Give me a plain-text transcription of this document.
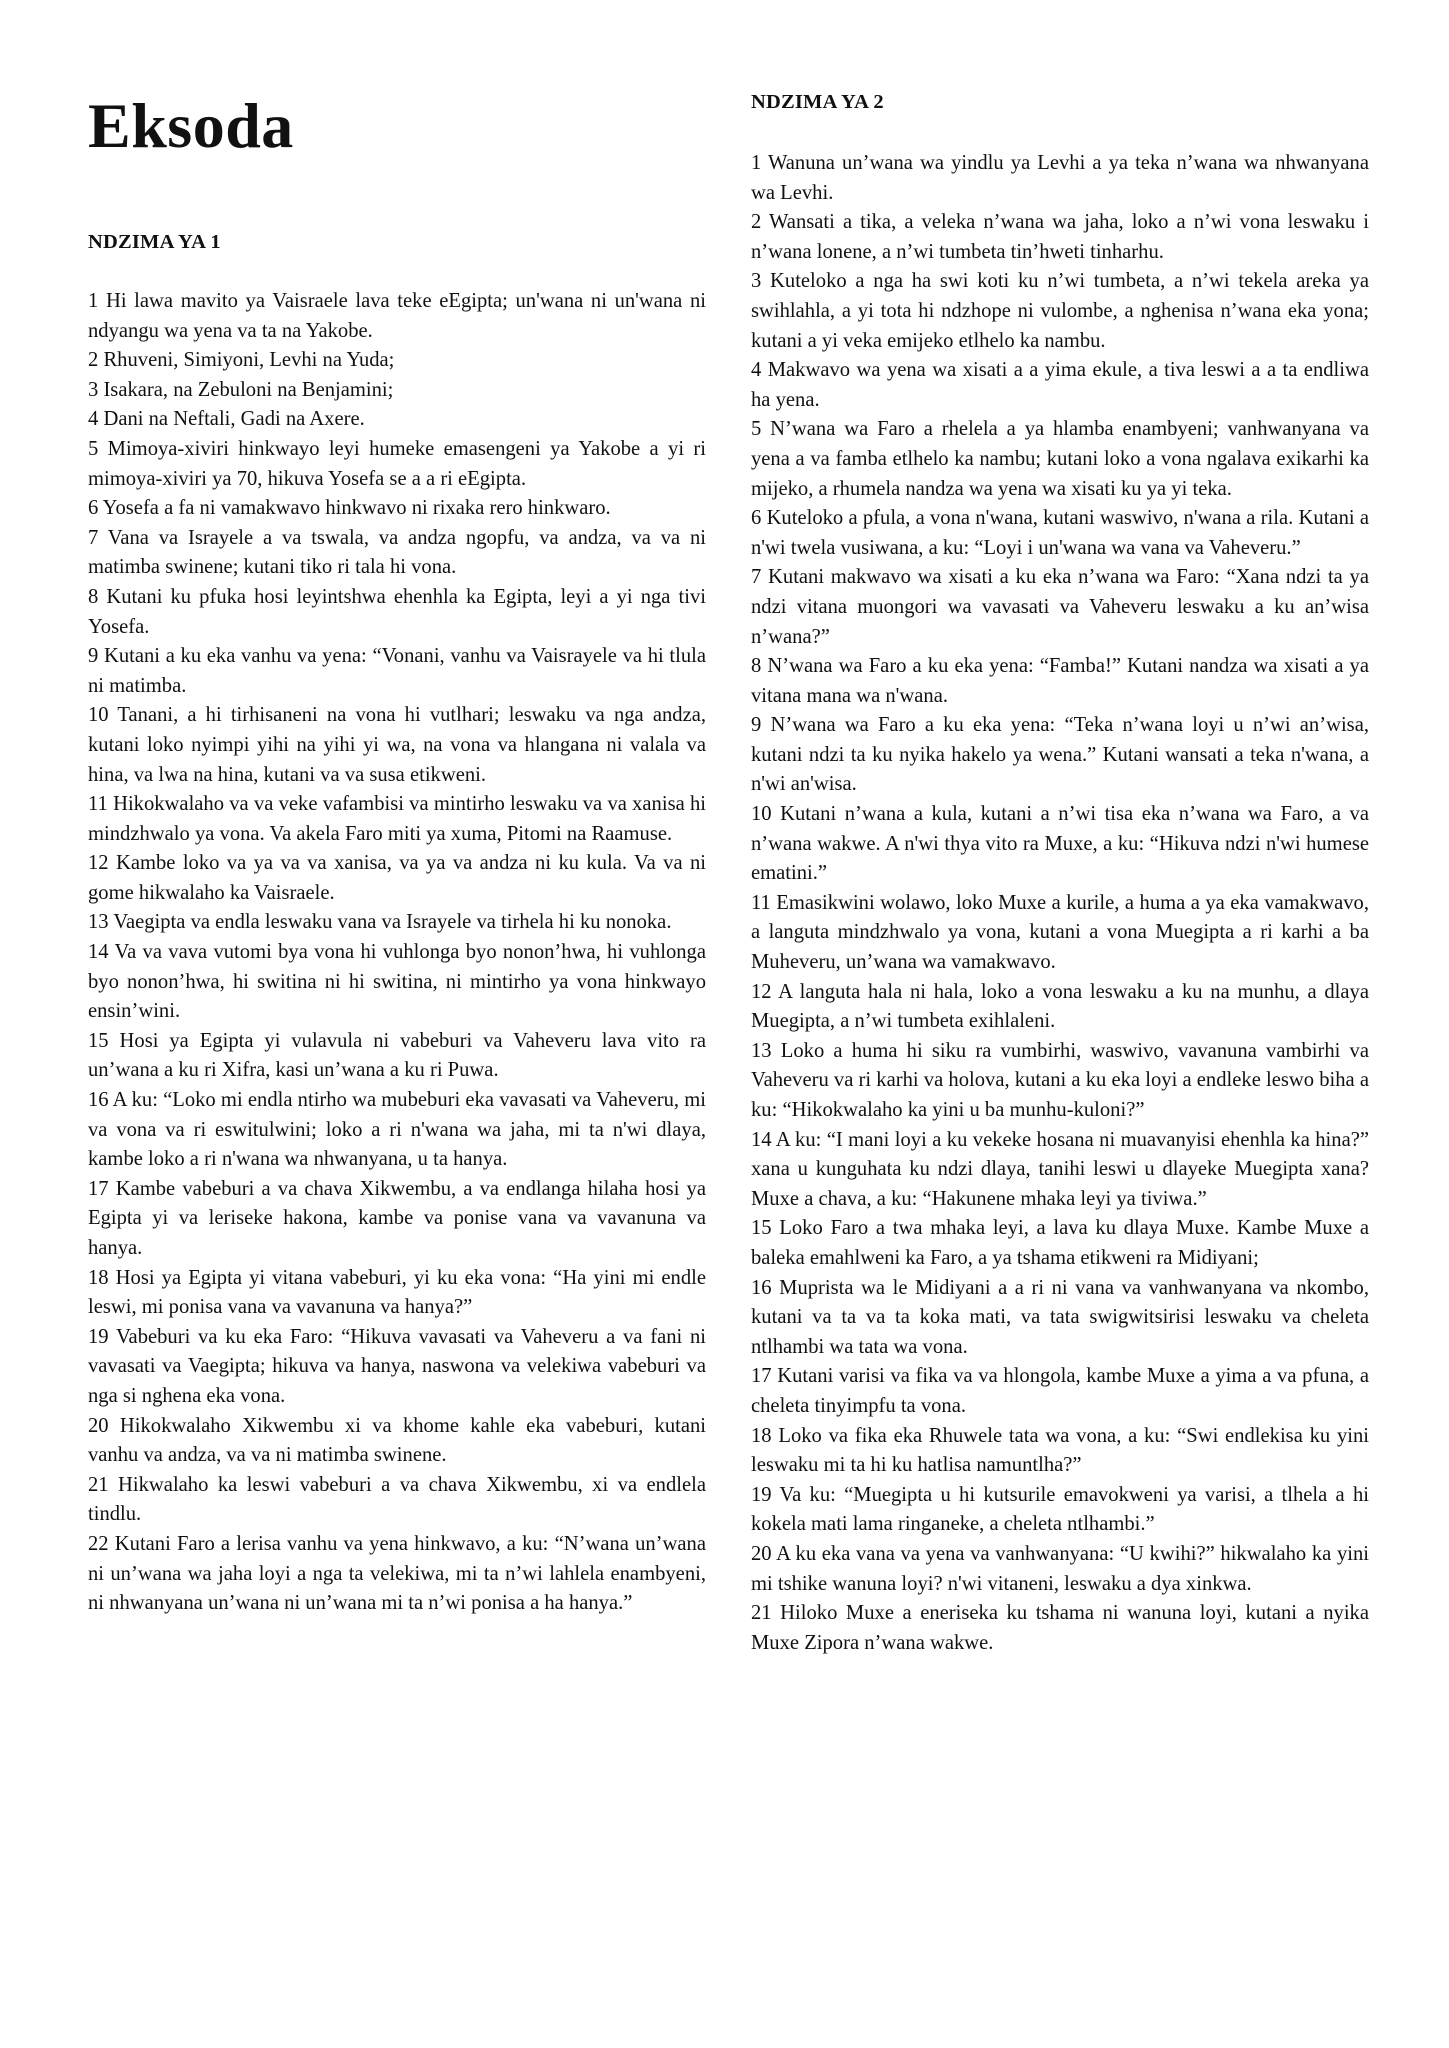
Eksoda
NDZIMA YA 1

1 Hi lawa mavito ya Vaisraele lava teke eEgipta; un'wana ni un'wana ni ndyangu wa yena va ta na Yakobe.

2 Rhuveni, Simiyoni, Levhi na Yuda;

3 Isakara, na Zebuloni na Benjamini;

4 Dani na Neftali, Gadi na Axere.

5 Mimoya-xiviri hinkwayo leyi humeke emasengeni ya Yakobe a yi ri mimoya-xiviri ya 70, hikuva Yosefa se a a ri eEgipta.

6 Yosefa a fa ni vamakwavo hinkwavo ni rixaka rero hinkwaro.

7 Vana va Israyele a va tswala, va andza ngopfu, va andza, va va ni matimba swinene; kutani tiko ri tala hi vona.

8 Kutani ku pfuka hosi leyintshwa ehenhla ka Egipta, leyi a yi nga tivi Yosefa.

9 Kutani a ku eka vanhu va yena: “Vonani, vanhu va Vaisrayele va hi tlula ni matimba.

10 Tanani, a hi tirhisaneni na vona hi vutlhari; leswaku va nga andza, kutani loko nyimpi yihi na yihi yi wa, na vona va hlangana ni valala va hina, va lwa na hina, kutani va va susa etikweni.

11 Hikokwalaho va va veke vafambisi va mintirho leswaku va va xanisa hi mindzhwalo ya vona. Va akela Faro miti ya xuma, Pitomi na Raamuse.

12 Kambe loko va ya va va xanisa, va ya va andza ni ku kula. Va va ni gome hikwalaho ka Vaisraele.

13 Vaegipta va endla leswaku vana va Israyele va tirhela hi ku nonoka.

14 Va va vava vutomi bya vona hi vuhlonga byo nonon’hwa, hi vuhlonga byo nonon’hwa, hi switina ni hi switina, ni mintirho ya vona hinkwayo ensin’wini.

15 Hosi ya Egipta yi vulavula ni vabeburi va Vaheveru lava vito ra un’wana a ku ri Xifra, kasi un’wana a ku ri Puwa.

16 A ku: “Loko mi endla ntirho wa mubeburi eka vavasati va Vaheveru, mi va vona va ri eswitulwini; loko a ri n'wana wa jaha, mi ta n'wi dlaya, kambe loko a ri n'wana wa nhwanyana, u ta hanya.

17 Kambe vabeburi a va chava Xikwembu, a va endlanga hilaha hosi ya Egipta yi va leriseke hakona, kambe va ponise vana va vavanuna va hanya.

18 Hosi ya Egipta yi vitana vabeburi, yi ku eka vona: “Ha yini mi endle leswi, mi ponisa vana va vavanuna va hanya?”

19 Vabeburi va ku eka Faro: “Hikuva vavasati va Vaheveru a va fani ni vavasati va Vaegipta; hikuva va hanya, naswona va velekiwa vabeburi va nga si nghena eka vona.

20 Hikokwalaho Xikwembu xi va khome kahle eka vabeburi, kutani vanhu va andza, va va ni matimba swinene.

21 Hikwalaho ka leswi vabeburi a va chava Xikwembu, xi va endlela tindlu.

22 Kutani Faro a lerisa vanhu va yena hinkwavo, a ku: “N’wana un’wana ni un’wana wa jaha loyi a nga ta velekiwa, mi ta n’wi lahlela enambyeni, ni nhwanyana un’wana ni un’wana mi ta n’wi ponisa a ha hanya.”

NDZIMA YA 2

1 Wanuna un’wana wa yindlu ya Levhi a ya teka n’wana wa nhwanyana wa Levhi.

2 Wansati a tika, a veleka n’wana wa jaha, loko a n’wi vona leswaku i n’wana lonene, a n’wi tumbeta tin’hweti tinharhu.

3 Kuteloko a nga ha swi koti ku n’wi tumbeta, a n’wi tekela areka ya swihlahla, a yi tota hi ndzhope ni vulombe, a nghenisa n’wana eka yona; kutani a yi veka emijeko etlhelo ka nambu.

4 Makwavo wa yena wa xisati a a yima ekule, a tiva leswi a a ta endliwa ha yena.

5 N’wana wa Faro a rhelela a ya hlamba enambyeni; vanhwanyana va yena a va famba etlhelo ka nambu; kutani loko a vona ngalava exikarhi ka mijeko, a rhumela nandza wa yena wa xisati ku ya yi teka.

6 Kuteloko a pfula, a vona n'wana, kutani waswivo, n'wana a rila. Kutani a n'wi twela vusiwana, a ku: “Loyi i un'wana wa vana va Vaheveru.”

7 Kutani makwavo wa xisati a ku eka n’wana wa Faro: “Xana ndzi ta ya ndzi vitana muongori wa vavasati va Vaheveru leswaku a ku an’wisa n’wana?”

8 N’wana wa Faro a ku eka yena: “Famba!” Kutani nandza wa xisati a ya vitana mana wa n'wana.

9 N’wana wa Faro a ku eka yena: “Teka n’wana loyi u n’wi an’wisa, kutani ndzi ta ku nyika hakelo ya wena.” Kutani wansati a teka n'wana, a n'wi an'wisa.

10 Kutani n’wana a kula, kutani a n’wi tisa eka n’wana wa Faro, a va n’wana wakwe. A n'wi thya vito ra Muxe, a ku: “Hikuva ndzi n'wi humese ematini.”

11 Emasikwini wolawo, loko Muxe a kurile, a huma a ya eka vamakwavo, a languta mindzhwalo ya vona, kutani a vona Muegipta a ri karhi a ba Muheveru, un’wana wa vamakwavo.

12 A languta hala ni hala, loko a vona leswaku a ku na munhu, a dlaya Muegipta, a n’wi tumbeta exihlaleni.

13 Loko a huma hi siku ra vumbirhi, waswivo, vavanuna vambirhi va Vaheveru va ri karhi va holova, kutani a ku eka loyi a endleke leswo biha a ku: “Hikokwalaho ka yini u ba munhu-kuloni?”

14 A ku: “I mani loyi a ku vekeke hosana ni muavanyisi ehenhla ka hina?” xana u kunguhata ku ndzi dlaya, tanihi leswi u dlayeke Muegipta xana? Muxe a chava, a ku: “Hakunene mhaka leyi ya tiviwa.”

15 Loko Faro a twa mhaka leyi, a lava ku dlaya Muxe. Kambe Muxe a baleka emahlweni ka Faro, a ya tshama etikweni ra Midiyani;

16 Muprista wa le Midiyani a a ri ni vana va vanhwanyana va nkombo, kutani va ta va ta koka mati, va tata swigwitsirisi leswaku va cheleta ntlhambi wa tata wa vona.

17 Kutani varisi va fika va va hlongola, kambe Muxe a yima a va pfuna, a cheleta tinyimpfu ta vona.

18 Loko va fika eka Rhuwele tata wa vona, a ku: “Swi endlekisa ku yini leswaku mi ta hi ku hatlisa namuntlha?”

19 Va ku: “Muegipta u hi kutsurile emavokweni ya varisi, a tlhela a hi kokela mati lama ringaneke, a cheleta ntlhambi.”

20 A ku eka vana va yena va vanhwanyana: “U kwihi?” hikwalaho ka yini mi tshike wanuna loyi? n'wi vitaneni, leswaku a dya xinkwa.

21 Hiloko Muxe a eneriseka ku tshama ni wanuna loyi, kutani a nyika Muxe Zipora n’wana wakwe.
